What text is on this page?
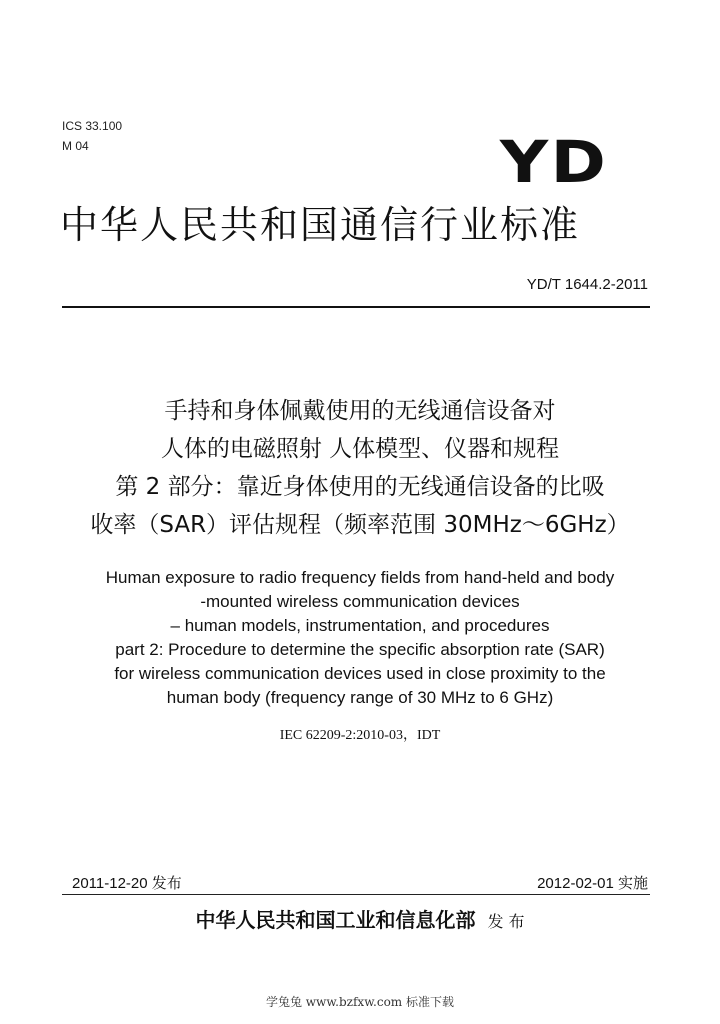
ICS 33.100
M 04	YD
中华人民共和国通信行业标准
YD/T 1644.2-2011
手持和身体佩戴使用的无线通信设备对
人体的电磁照射 人体模型、仪器和规程
第 2 部分：靠近身体使用的无线通信设备的比吸
收率（SAR）评估规程（频率范围 30MHz～6GHz）
Human exposure to radio frequency fields from hand-held and body
-mounted wireless communication devices
– human models, instrumentation, and procedures
part 2: Procedure to determine the specific absorption rate (SAR)
for wireless communication devices used in close proximity to the
human body (frequency range of 30 MHz to 6 GHz)
IEC 62209-2:2010-03，IDT
2011-12-20 发布	2012-02-01 实施
中华人民共和国工业和信息化部 发 布
学兔兔 www.bzfxw.com 标准下载
